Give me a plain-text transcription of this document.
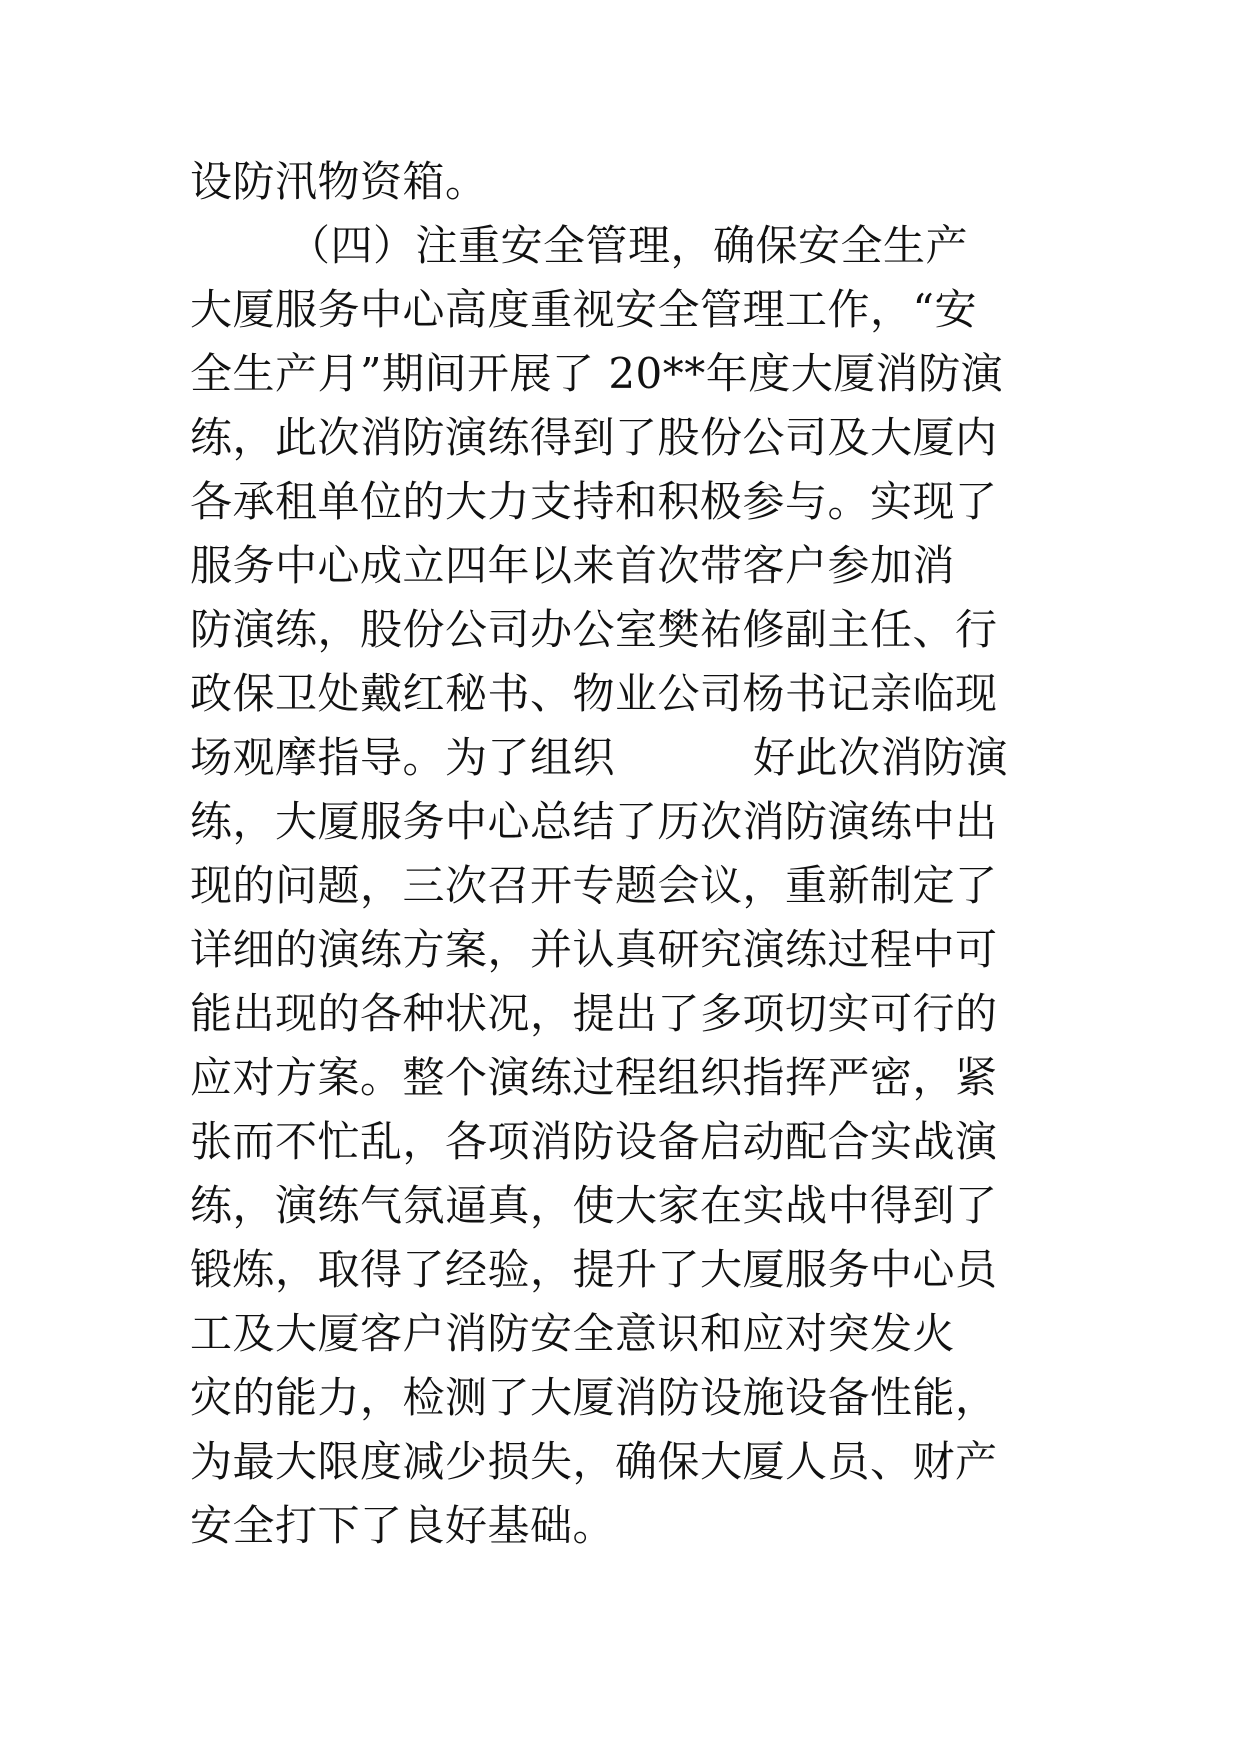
设防汛物资箱。
（四）注重安全管理，确保安全生产
大厦服务中心高度重视安全管理工作，“安
全生产月”期间开展了 20**年度大厦消防演
练，此次消防演练得到了股份公司及大厦内
各承租单位的大力支持和积极参与。实现了
服务中心成立四年以来首次带客户参加消
防演练，股份公司办公室樊祐修副主任、行
政保卫处戴红秘书、物业公司杨书记亲临现
场观摩指导。为了组织	好此次消防演
练，大厦服务中心总结了历次消防演练中出
现的问题，三次召开专题会议，重新制定了
详细的演练方案，并认真研究演练过程中可
能出现的各种状况，提出了多项切实可行的
应对方案。整个演练过程组织指挥严密，紧
张而不忙乱，各项消防设备启动配合实战演
练，演练气氛逼真，使大家在实战中得到了
锻炼，取得了经验，提升了大厦服务中心员
工及大厦客户消防安全意识和应对突发火
灾的能力，检测了大厦消防设施设备性能，
为最大限度减少损失，确保大厦人员、财产
安全打下了良好基础。
